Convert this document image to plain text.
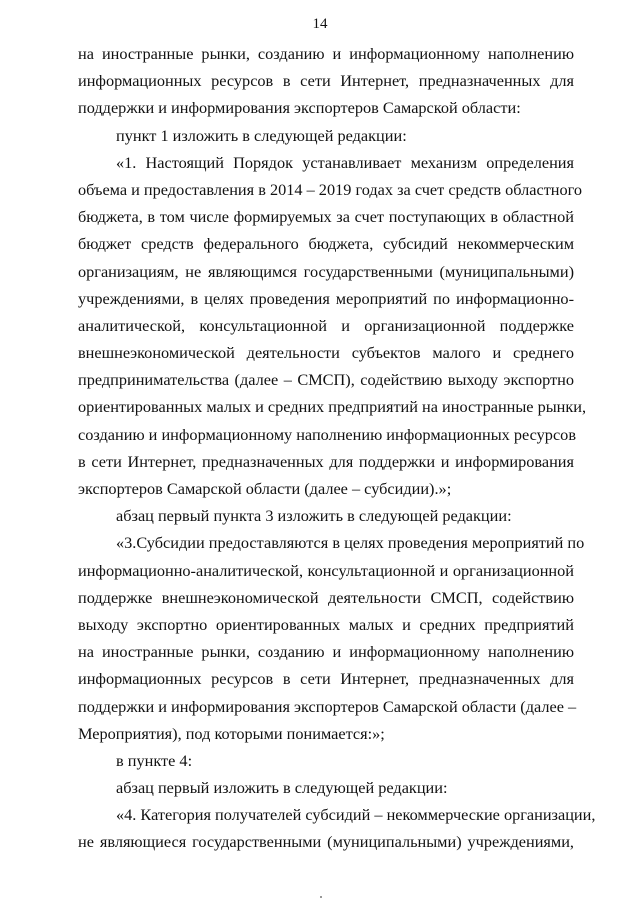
14
на иностранные рынки, созданию и информационному наполнению
информационных ресурсов в сети Интернет, предназначенных для
поддержки и информирования экспортеров Самарской области:
пункт 1 изложить в следующей редакции:
«1. Настоящий Порядок устанавливает механизм определения
объема и предоставления в 2014 – 2019 годах за счет средств областного
бюджета, в том числе формируемых за счет поступающих в областной
бюджет средств федерального бюджета, субсидий некоммерческим
организациям, не являющимся государственными (муниципальными)
учреждениями, в целях проведения мероприятий по информационно-
аналитической, консультационной и организационной поддержке
внешнеэкономической деятельности субъектов малого и среднего
предпринимательства (далее – СМСП), содействию выходу экспортно
ориентированных малых и средних предприятий на иностранные рынки,
созданию и информационному наполнению информационных ресурсов
в сети Интернет, предназначенных для поддержки и информирования
экспортеров Самарской области (далее – субсидии).»;
абзац первый пункта 3 изложить в следующей редакции:
«3.Субсидии предоставляются в целях проведения мероприятий по
информационно-аналитической, консультационной и организационной
поддержке внешнеэкономической деятельности СМСП, содействию
выходу экспортно ориентированных малых и средних предприятий
на иностранные рынки, созданию и информационному наполнению
информационных ресурсов в сети Интернет, предназначенных для
поддержки и информирования экспортеров Самарской области (далее –
Мероприятия), под которыми понимается:»;
в пункте 4:
абзац первый изложить в следующей редакции:
«4. Категория получателей субсидий – некоммерческие организации,
не являющиеся государственными (муниципальными) учреждениями,
